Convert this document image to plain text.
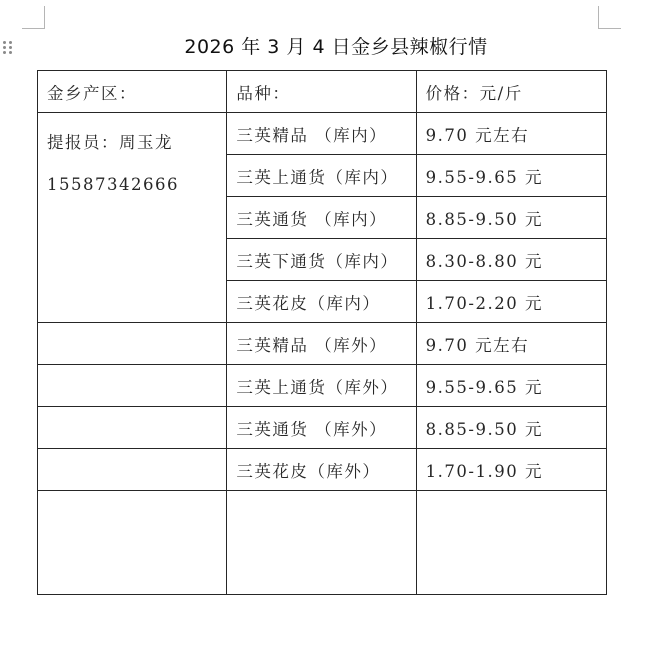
2026 年 3 月 4 日金乡县辣椒行情
金乡产区：	品种：	价格：元/斤

提报员：周玉龙
15587342666	三英精品 （库内）	9.70 元左右
	三英上通货（库内）	9.55-9.65 元
	三英通货 （库内）	8.85-9.50 元
	三英下通货（库内）	8.30-8.80 元
	三英花皮（库内）	1.70-2.20 元
	三英精品 （库外）	9.70 元左右
	三英上通货（库外）	9.55-9.65 元
	三英通货 （库外）	8.85-9.50 元
	三英花皮（库外）	1.70-1.90 元
